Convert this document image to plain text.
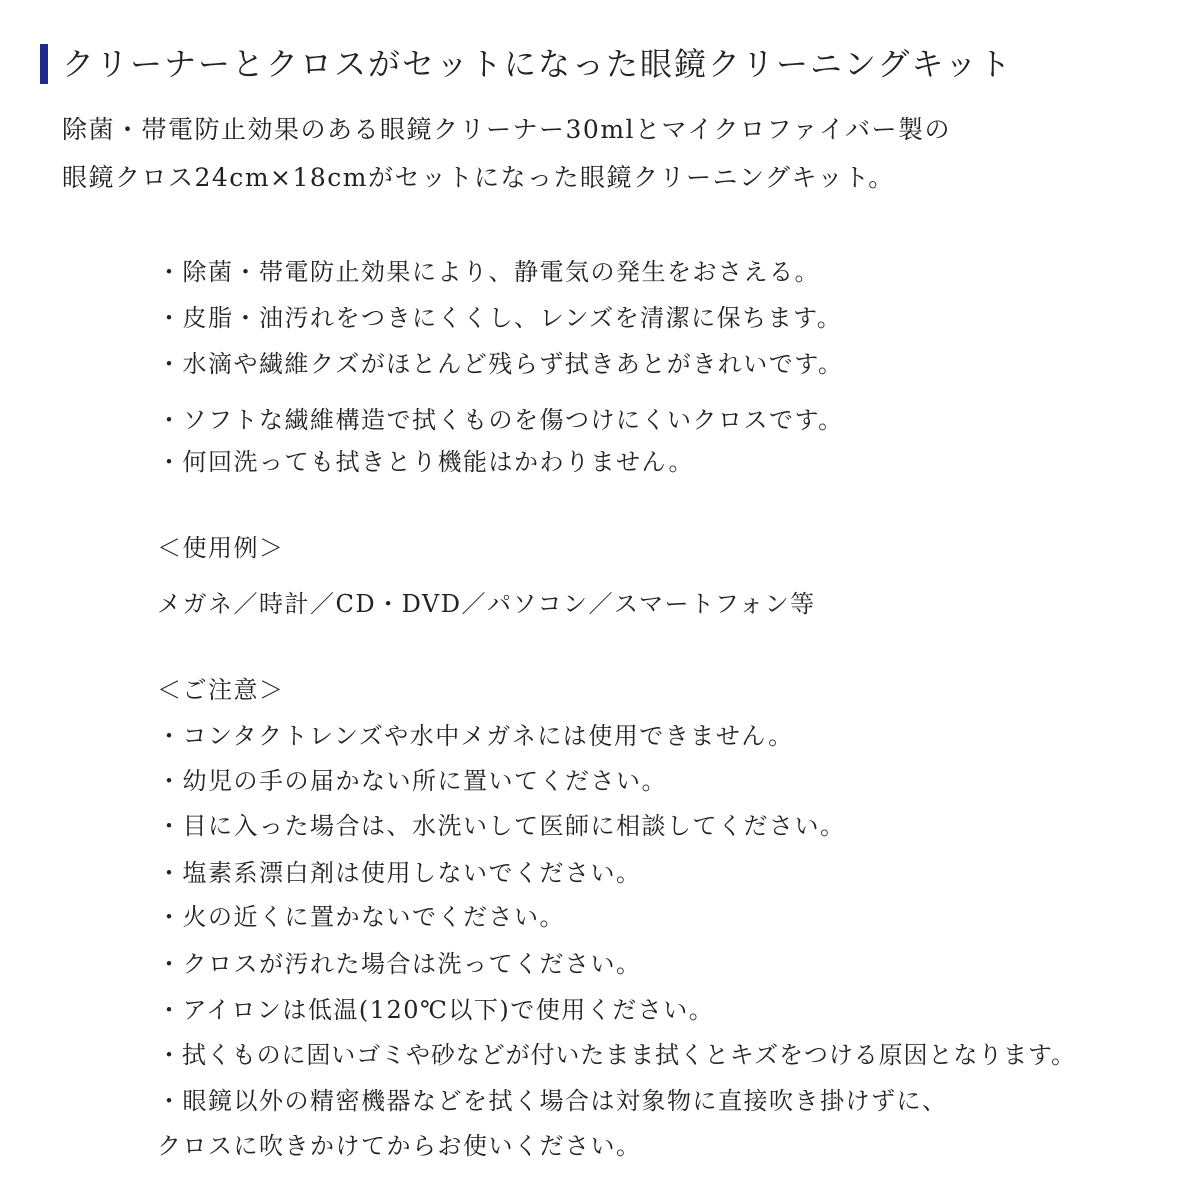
クリーナーとクロスがセットになった眼鏡クリーニングキット
除菌・帯電防止効果のある眼鏡クリーナー30mlとマイクロファイバー製の
眼鏡クロス24cm×18cmがセットになった眼鏡クリーニングキット。
・除菌・帯電防止効果により、静電気の発生をおさえる。
・皮脂・油汚れをつきにくくし、レンズを清潔に保ちます。
・水滴や繊維クズがほとんど残らず拭きあとがきれいです。
・ソフトな繊維構造で拭くものを傷つけにくいクロスです。
・何回洗っても拭きとり機能はかわりません。
＜使用例＞
メガネ／時計／CD・DVD／パソコン／スマートフォン等
＜ご注意＞
・コンタクトレンズや水中メガネには使用できません。
・幼児の手の届かない所に置いてください。
・目に入った場合は、水洗いして医師に相談してください。
・塩素系漂白剤は使用しないでください。
・火の近くに置かないでください。
・クロスが汚れた場合は洗ってください。
・アイロンは低温(120℃以下)で使用ください。
・拭くものに固いゴミや砂などが付いたまま拭くとキズをつける原因となります。
・眼鏡以外の精密機器などを拭く場合は対象物に直接吹き掛けずに、
クロスに吹きかけてからお使いください。
